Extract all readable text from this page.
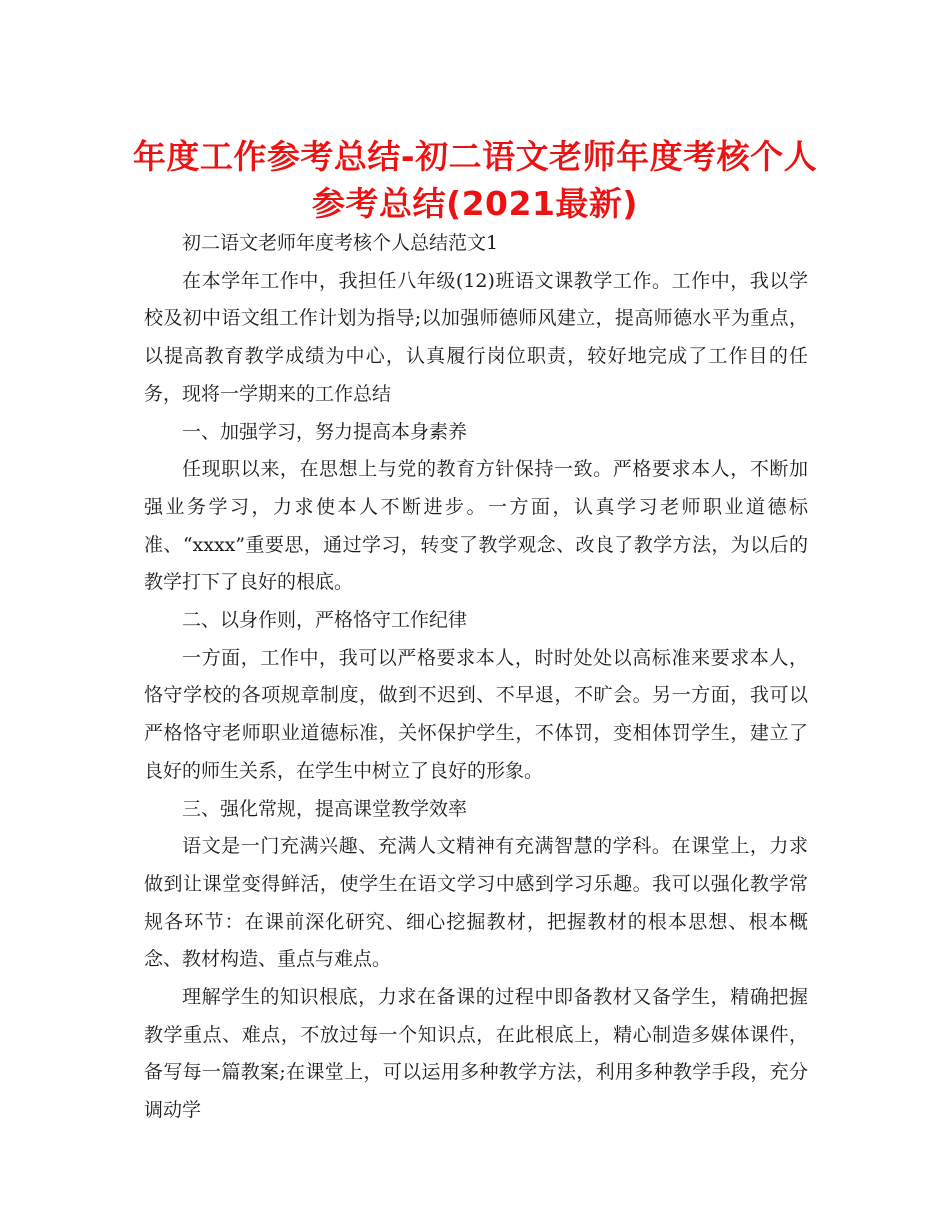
年度工作参考总结-初二语文老师年度考核个人参考总结(2021最新)

初二语文老师年度考核个人总结范文1

在本学年工作中，我担任八年级(12)班语文课教学工作。工作中，我以学校及初中语文组工作计划为指导;以加强师德师风建立，提高师德水平为重点，以提高教育教学成绩为中心，认真履行岗位职责，较好地完成了工作目的任务，现将一学期来的工作总结

一、加强学习，努力提高本身素养

任现职以来，在思想上与党的教育方针保持一致。严格要求本人，不断加强业务学习，力求使本人不断进步。一方面，认真学习老师职业道德标准、“xxxx”重要思，通过学习，转变了教学观念、改良了教学方法，为以后的教学打下了良好的根底。

二、以身作则，严格恪守工作纪律

一方面，工作中，我可以严格要求本人，时时处处以高标准来要求本人，恪守学校的各项规章制度，做到不迟到、不早退，不旷会。另一方面，我可以严格恪守老师职业道德标准，关怀保护学生，不体罚，变相体罚学生，建立了良好的师生关系，在学生中树立了良好的形象。

三、强化常规，提高课堂教学效率

语文是一门充满兴趣、充满人文精神有充满智慧的学科。在课堂上，力求做到让课堂变得鲜活，使学生在语文学习中感到学习乐趣。我可以强化教学常规各环节：在课前深化研究、细心挖掘教材，把握教材的根本思想、根本概念、教材构造、重点与难点。

理解学生的知识根底，力求在备课的过程中即备教材又备学生，精确把握教学重点、难点，不放过每一个知识点，在此根底上，精心制造多媒体课件，备写每一篇教案;在课堂上，可以运用多种教学方法，利用多种教学手段，充分调动学
